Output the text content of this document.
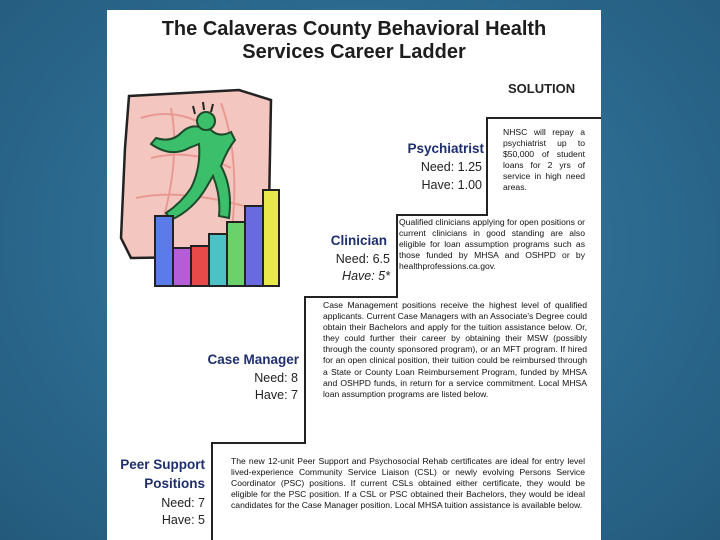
The Calaveras County Behavioral Health
Services Career Ladder
SOLUTION
Psychiatrist
Need: 1.25
Have: 1.00
NHSC will repay a psychiatrist up to $50,000 of student loans for 2 yrs of service in high need areas.
Clinician
Need: 6.5
Have: 5*
Qualified clinicians applying for open positions or current clinicians in good standing are also eligible for loan assumption programs such as those funded by MHSA and OSHPD or by healthprofessions.ca.gov.
Case Manager
Need: 8
Have: 7
Case Management positions receive the highest level of qualified applicants. Current Case Managers with an Associate's Degree could obtain their Bachelors and apply for the tuition assistance below. Or, they could further their career by obtaining their MSW (possibly through the county sponsored program), or an MFT program. If hired for an open clinical position, their tuition could be reimbursed through a State or County Loan Reimbursement Program, funded by MHSA and OSHPD funds, in return for a service commitment. Local MHSA loan assumption programs are listed below.
Peer Support
Positions
Need: 7
Have: 5
The new 12-unit Peer Support and Psychosocial Rehab certificates are ideal for entry level lived-experience Community Service Liaison (CSL) or newly evolving Persons Service Coordinator (PSC) positions. If current CSLs obtained either certificate, they would be eligible for the PSC position. If a CSL or PSC obtained their Bachelors, they would be ideal candidates for the Case Manager position. Local MHSA tuition assistance is available below.
